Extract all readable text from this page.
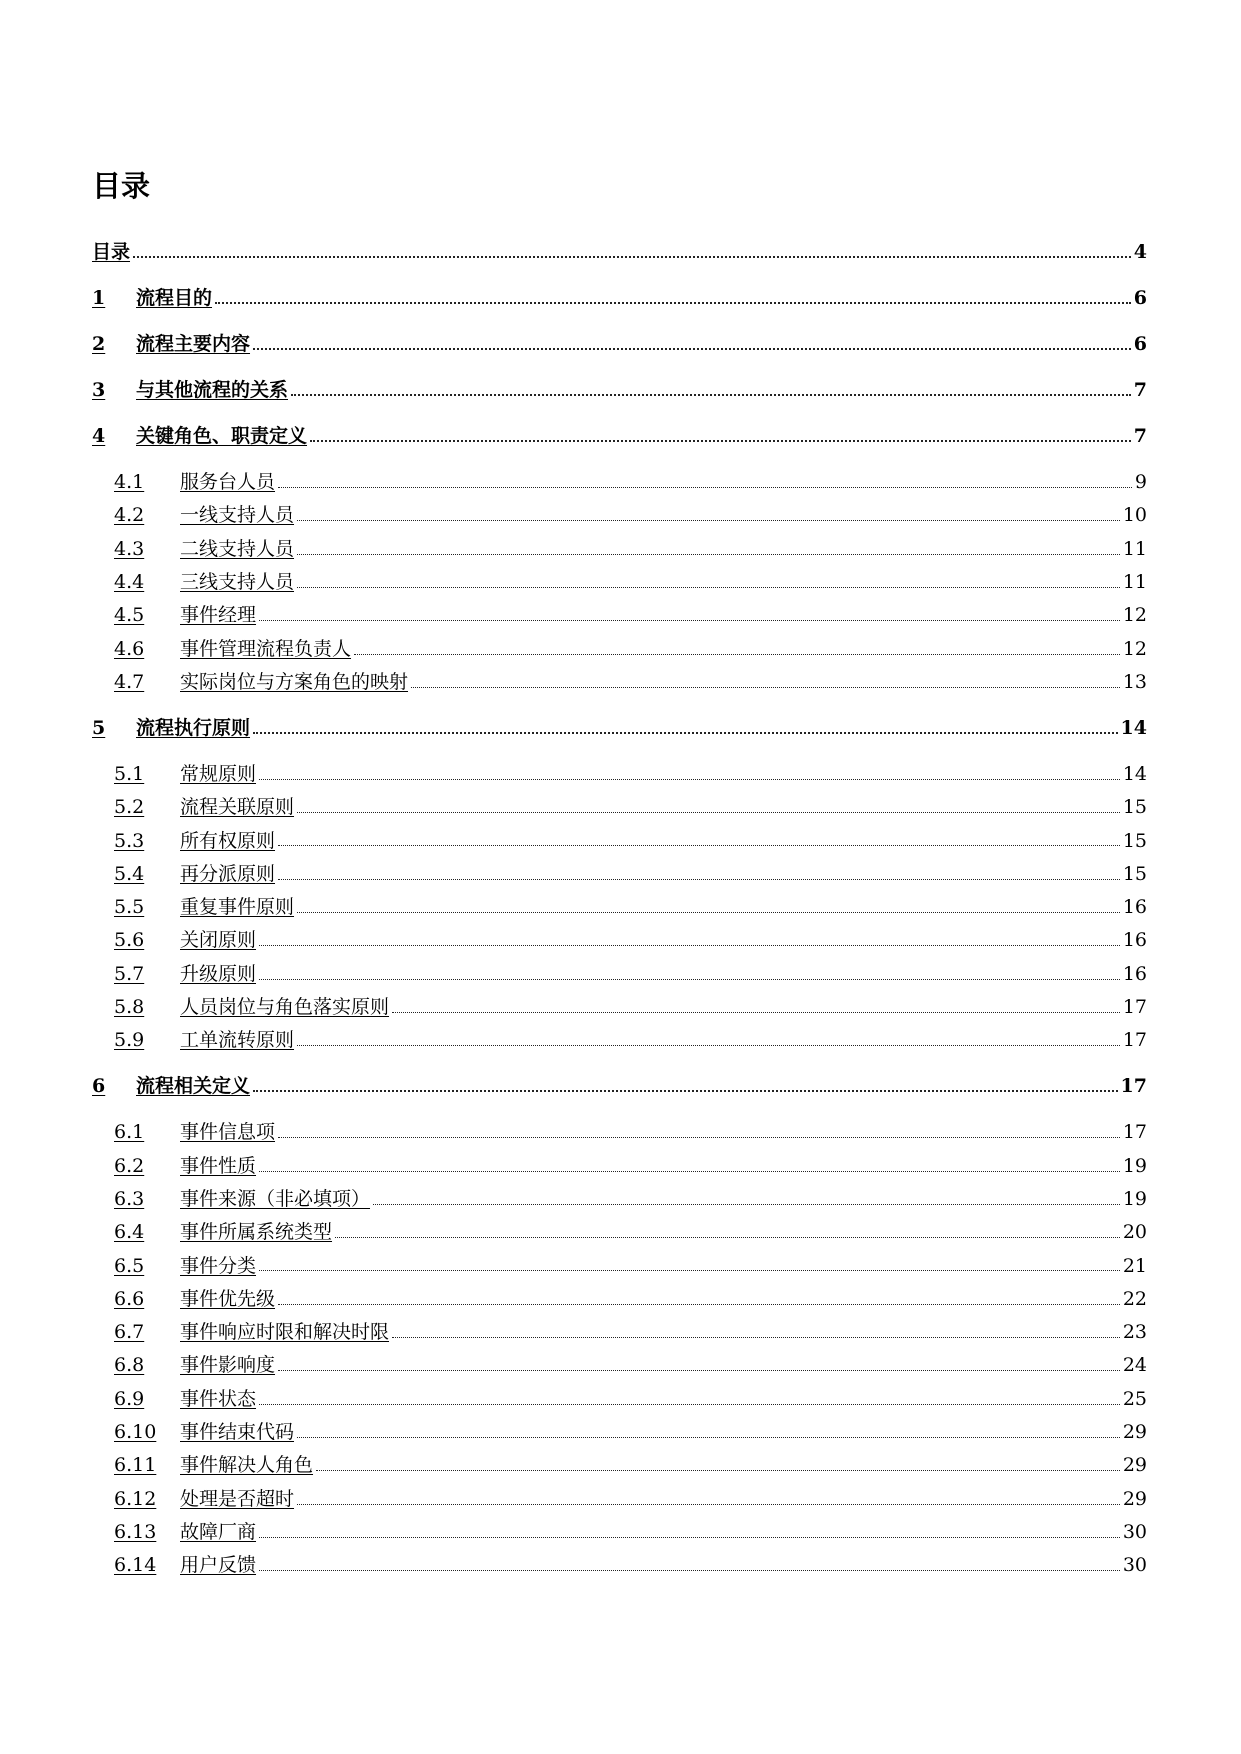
目录
目录	4
1	流程目的	6
2	流程主要内容	6
3	与其他流程的关系	7
4	关键角色、职责定义	7
4.1	服务台人员	9
4.2	一线支持人员	10
4.3	二线支持人员	11
4.4	三线支持人员	11
4.5	事件经理	12
4.6	事件管理流程负责人	12
4.7	实际岗位与方案角色的映射	13
5	流程执行原则	14
5.1	常规原则	14
5.2	流程关联原则	15
5.3	所有权原则	15
5.4	再分派原则	15
5.5	重复事件原则	16
5.6	关闭原则	16
5.7	升级原则	16
5.8	人员岗位与角色落实原则	17
5.9	工单流转原则	17
6	流程相关定义	17
6.1	事件信息项	17
6.2	事件性质	19
6.3	事件来源（非必填项）	19
6.4	事件所属系统类型	20
6.5	事件分类	21
6.6	事件优先级	22
6.7	事件响应时限和解决时限	23
6.8	事件影响度	24
6.9	事件状态	25
6.10	事件结束代码	29
6.11	事件解决人角色	29
6.12	处理是否超时	29
6.13	故障厂商	30
6.14	用户反馈	30
